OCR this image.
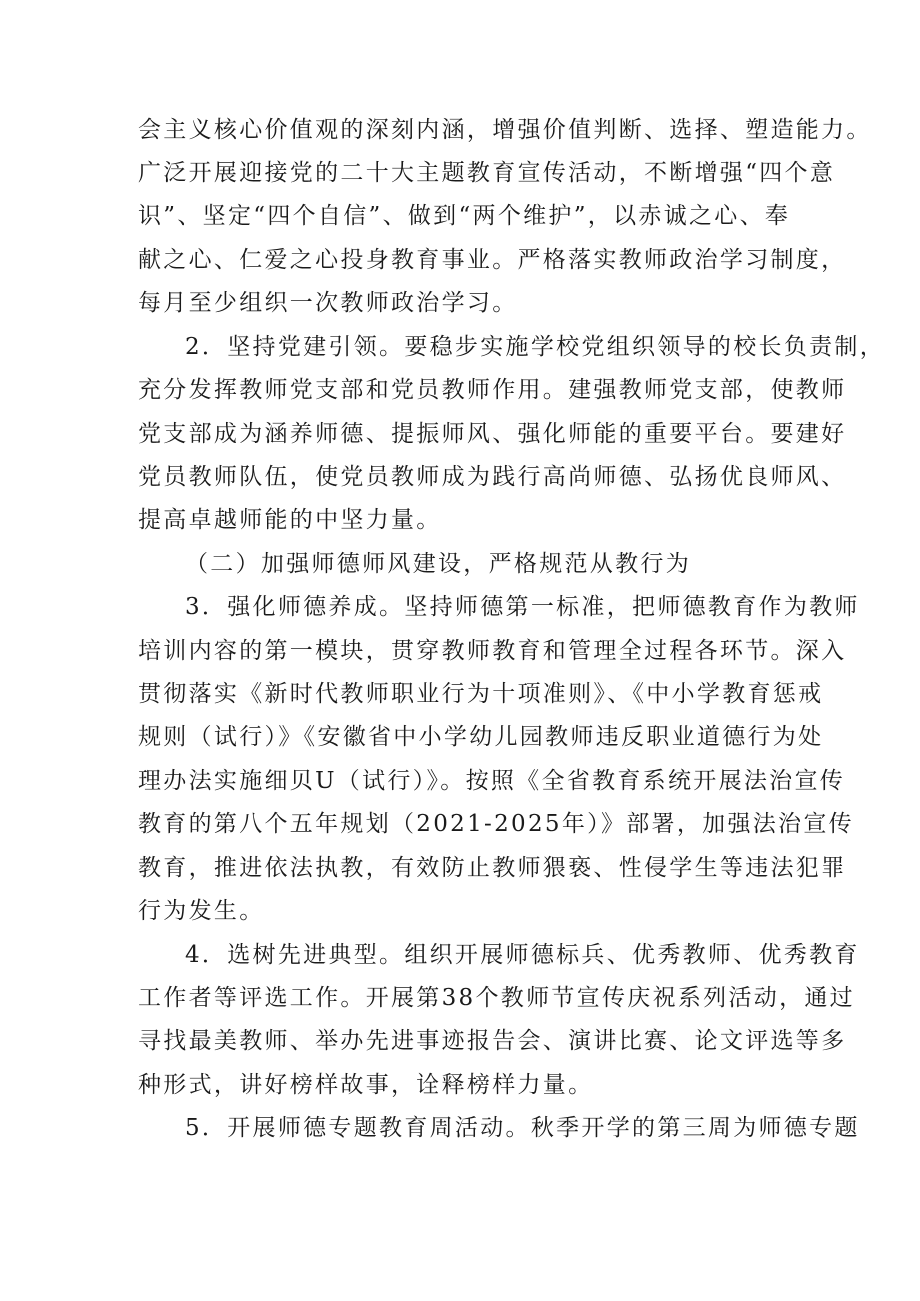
会主义核心价值观的深刻内涵，增强价值判断、选择、塑造能力。
广泛开展迎接党的二十大主题教育宣传活动，不断增强“四个意
识”、坚定“四个自信”、做到“两个维护”，以赤诚之心、奉
献之心、仁爱之心投身教育事业。严格落实教师政治学习制度，
每月至少组织一次教师政治学习。
2．坚持党建引领。要稳步实施学校党组织领导的校长负责制，
充分发挥教师党支部和党员教师作用。建强教师党支部，使教师
党支部成为涵养师德、提振师风、强化师能的重要平台。要建好
党员教师队伍，使党员教师成为践行高尚师德、弘扬优良师风、
提高卓越师能的中坚力量。
（二）加强师德师风建设，严格规范从教行为
3．强化师德养成。坚持师德第一标准，把师德教育作为教师
培训内容的第一模块，贯穿教师教育和管理全过程各环节。深入
贯彻落实《新时代教师职业行为十项准则》、《中小学教育惩戒
规则（试行）》《安徽省中小学幼儿园教师违反职业道德行为处
理办法实施细贝U（试行）》。按照《全省教育系统开展法治宣传
教育的第八个五年规划（2021-2025年）》部署，加强法治宣传
教育，推进依法执教，有效防止教师猥亵、性侵学生等违法犯罪
行为发生。
4．选树先进典型。组织开展师德标兵、优秀教师、优秀教育
工作者等评选工作。开展第38个教师节宣传庆祝系列活动，通过
寻找最美教师、举办先进事迹报告会、演讲比赛、论文评选等多
种形式，讲好榜样故事，诠释榜样力量。
5．开展师德专题教育周活动。秋季开学的第三周为师德专题
